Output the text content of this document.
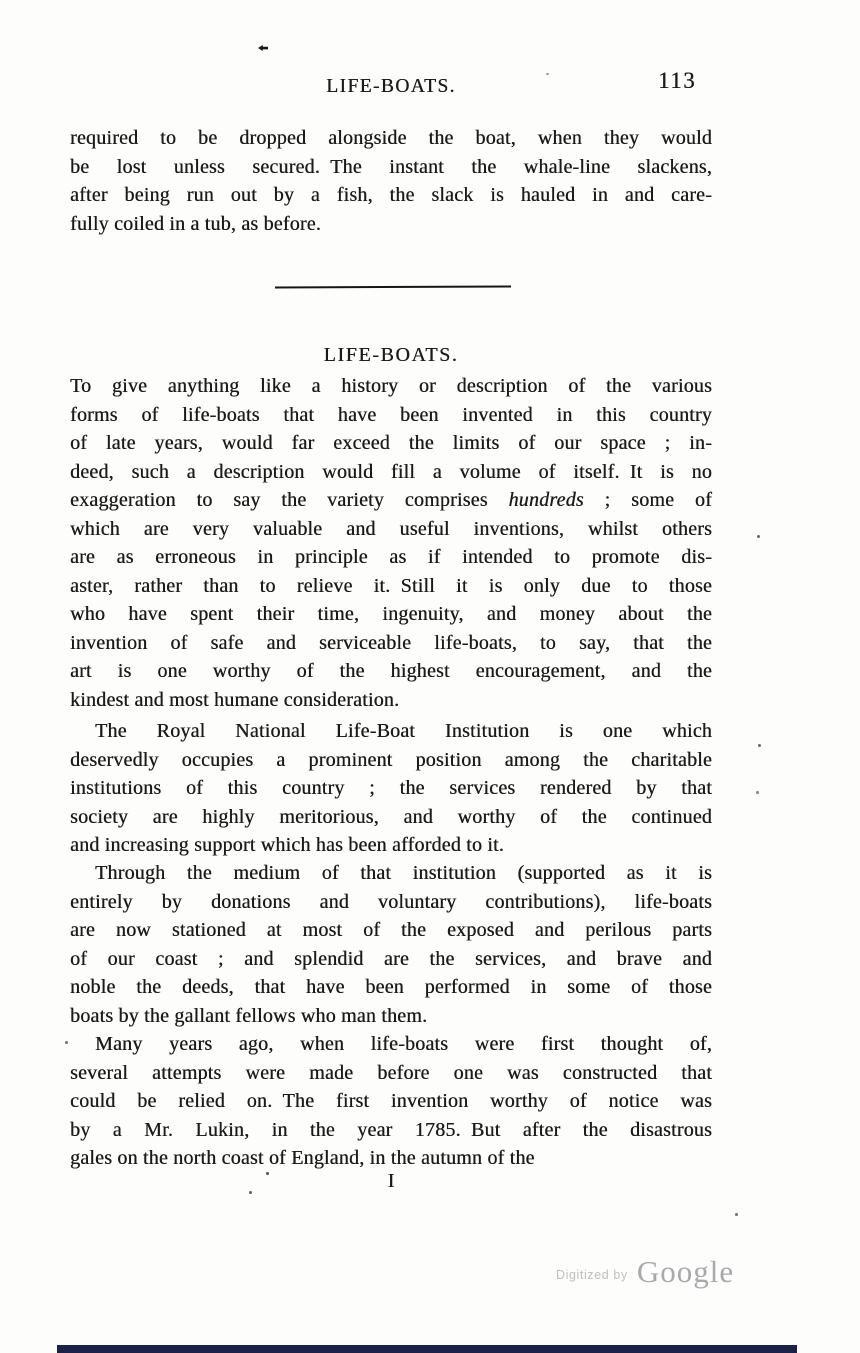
LIFE-BOATS.	113
required to be dropped alongside the boat, when they would
be lost unless secured. The instant the whale-line slackens,
after being run out by a fish, the slack is hauled in and care-
fully coiled in a tub, as before.
LIFE-BOATS.
To give anything like a history or description of the various
forms of life-boats that have been invented in this country
of late years, would far exceed the limits of our space ; in-
deed, such a description would fill a volume of itself. It is no
exaggeration to say the variety comprises hundreds ; some of
which are very valuable and useful inventions, whilst others
are as erroneous in principle as if intended to promote dis-
aster, rather than to relieve it. Still it is only due to those
who have spent their time, ingenuity, and money about the
invention of safe and serviceable life-boats, to say, that the
art is one worthy of the highest encouragement, and the
kindest and most humane consideration.
The Royal National Life-Boat Institution is one which
deservedly occupies a prominent position among the charitable
institutions of this country ; the services rendered by that
society are highly meritorious, and worthy of the continued
and increasing support which has been afforded to it.
Through the medium of that institution (supported as it is
entirely by donations and voluntary contributions), life-boats
are now stationed at most of the exposed and perilous parts
of our coast ; and splendid are the services, and brave and
noble the deeds, that have been performed in some of those
boats by the gallant fellows who man them.
Many years ago, when life-boats were first thought of,
several attempts were made before one was constructed that
could be relied on. The first invention worthy of notice was
by a Mr. Lukin, in the year 1785. But after the disastrous
gales on the north coast of England, in the autumn of the
I
Digitized by Google
